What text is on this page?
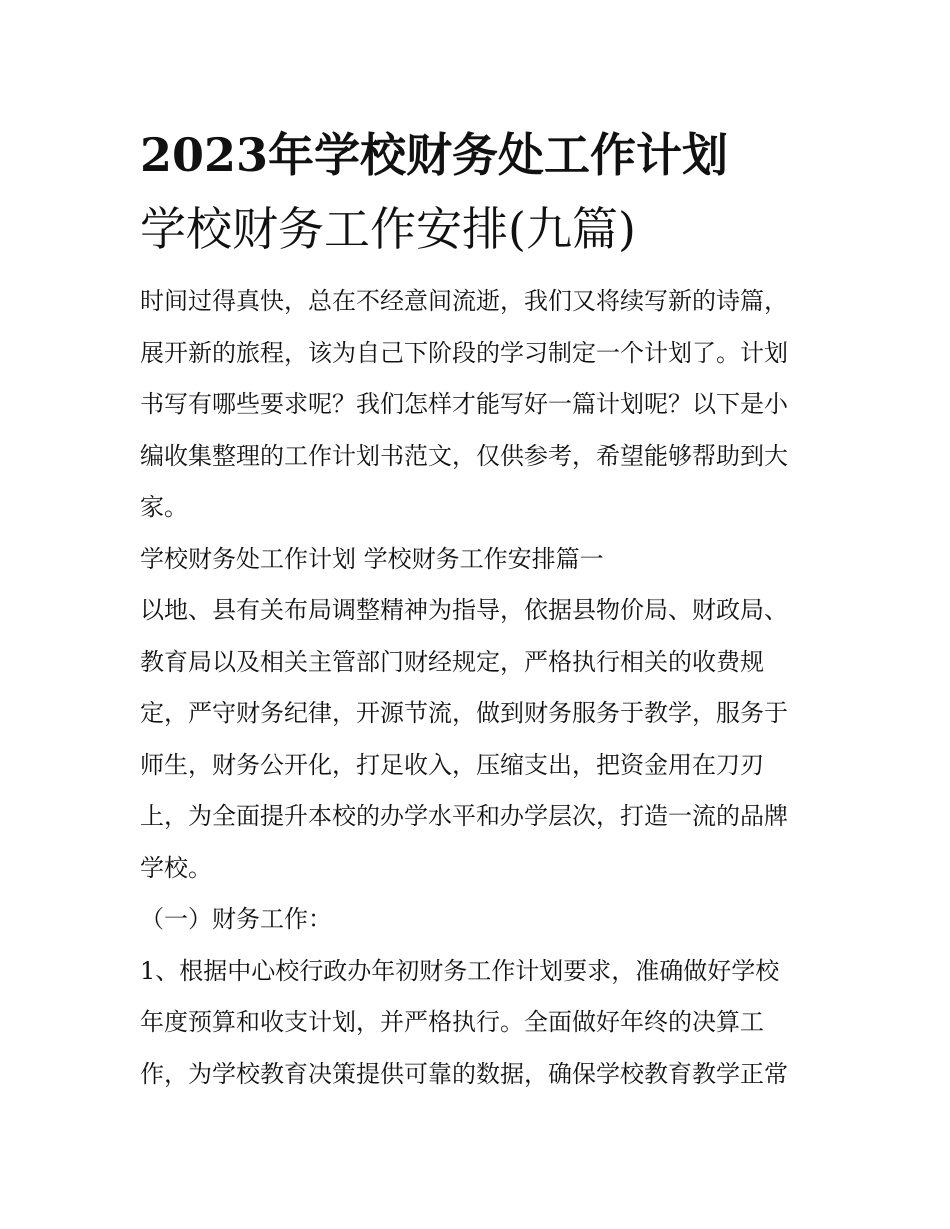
2023年学校财务处工作计划
学校财务工作安排(九篇)

时间过得真快，总在不经意间流逝，我们又将续写新的诗篇，

展开新的旅程，该为自己下阶段的学习制定一个计划了。计划

书写有哪些要求呢？我们怎样才能写好一篇计划呢？以下是小

编收集整理的工作计划书范文，仅供参考，希望能够帮助到大

家。

学校财务处工作计划 学校财务工作安排篇一

以地、县有关布局调整精神为指导，依据县物价局、财政局、

教育局以及相关主管部门财经规定，严格执行相关的收费规

定，严守财务纪律，开源节流，做到财务服务于教学，服务于

师生，财务公开化，打足收入，压缩支出，把资金用在刀刃

上，为全面提升本校的办学水平和办学层次，打造一流的品牌

学校。

（一）财务工作：

1、根据中心校行政办年初财务工作计划要求，准确做好学校

年度预算和收支计划，并严格执行。全面做好年终的决算工

作，为学校教育决策提供可靠的数据，确保学校教育教学正常
